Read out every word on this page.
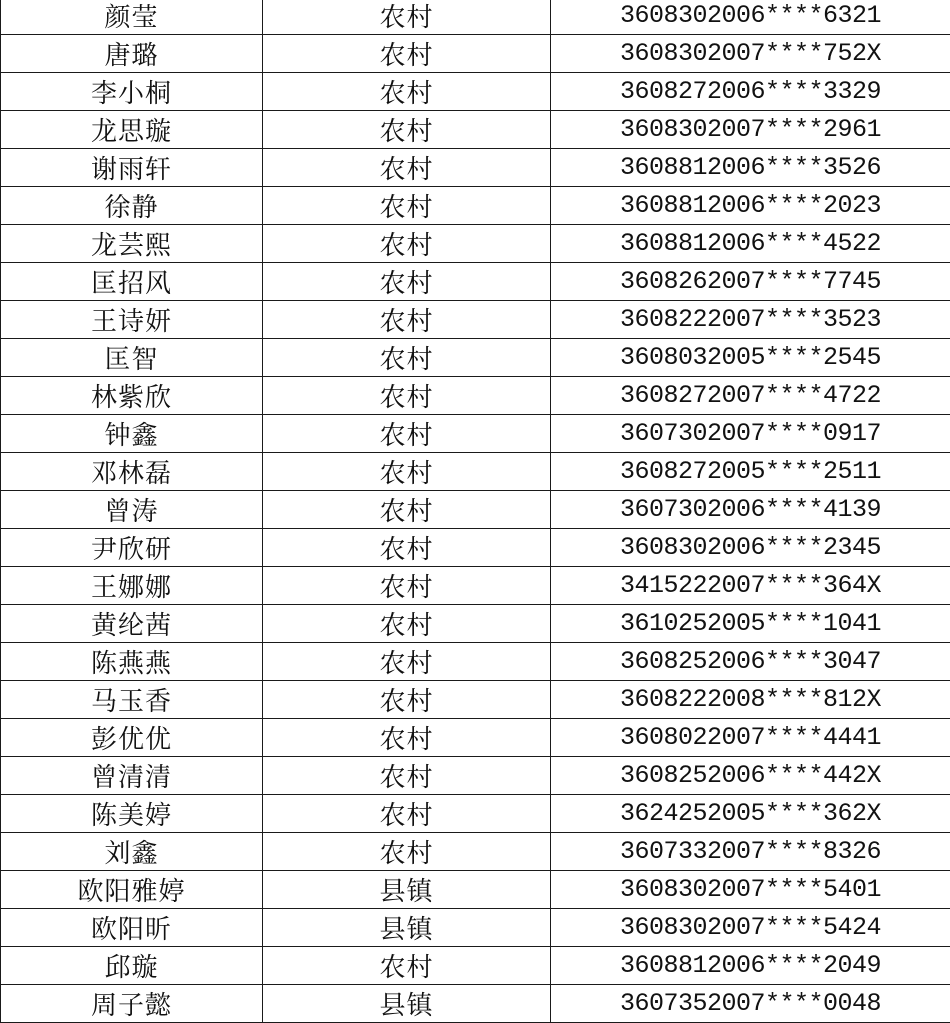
颜莹	农村	3608302006****6321
唐璐	农村	3608302007****752X
李小桐	农村	3608272006****3329
龙思璇	农村	3608302007****2961
谢雨轩	农村	3608812006****3526
徐静	农村	3608812006****2023
龙芸熙	农村	3608812006****4522
匡招风	农村	3608262007****7745
王诗妍	农村	3608222007****3523
匡智	农村	3608032005****2545
林紫欣	农村	3608272007****4722
钟鑫	农村	3607302007****0917
邓林磊	农村	3608272005****2511
曾涛	农村	3607302006****4139
尹欣研	农村	3608302006****2345
王娜娜	农村	3415222007****364X
黄纶茜	农村	3610252005****1041
陈燕燕	农村	3608252006****3047
马玉香	农村	3608222008****812X
彭优优	农村	3608022007****4441
曾清清	农村	3608252006****442X
陈美婷	农村	3624252005****362X
刘鑫	农村	3607332007****8326
欧阳雅婷	县镇	3608302007****5401
欧阳昕	县镇	3608302007****5424
邱璇	农村	3608812006****2049
周子懿	县镇	3607352007****0048
